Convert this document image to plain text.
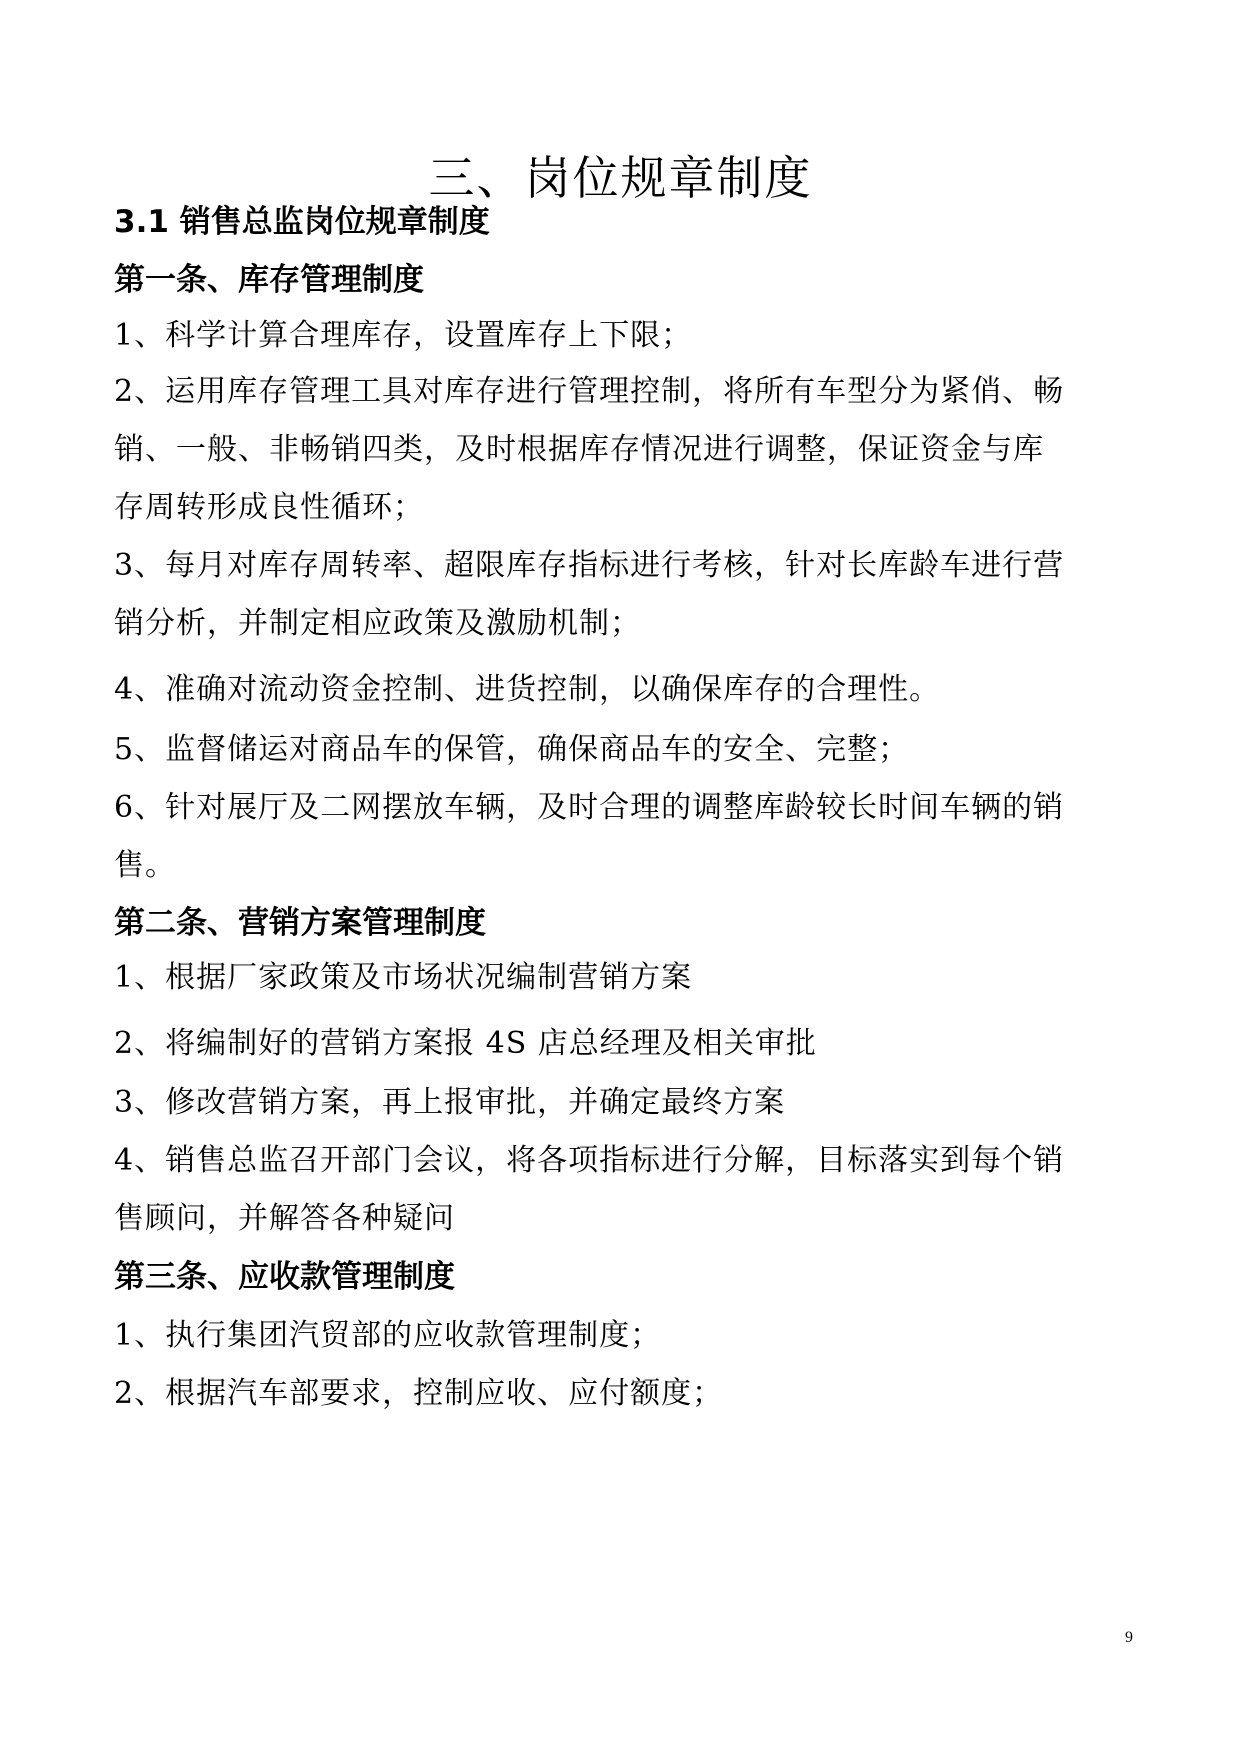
三、岗位规章制度
3.1 销售总监岗位规章制度
第一条、库存管理制度
1、科学计算合理库存，设置库存上下限；
2、运用库存管理工具对库存进行管理控制，将所有车型分为紧俏、畅
销、一般、非畅销四类，及时根据库存情况进行调整，保证资金与库
存周转形成良性循环；
3、每月对库存周转率、超限库存指标进行考核，针对长库龄车进行营
销分析，并制定相应政策及激励机制；
4、准确对流动资金控制、进货控制，以确保库存的合理性。
5、监督储运对商品车的保管，确保商品车的安全、完整；
6、针对展厅及二网摆放车辆，及时合理的调整库龄较长时间车辆的销
售。
第二条、营销方案管理制度
1、根据厂家政策及市场状况编制营销方案
2、将编制好的营销方案报 4S 店总经理及相关审批
3、修改营销方案，再上报审批，并确定最终方案
4、销售总监召开部门会议，将各项指标进行分解，目标落实到每个销
售顾问，并解答各种疑问
第三条、应收款管理制度
1、执行集团汽贸部的应收款管理制度；
2、根据汽车部要求，控制应收、应付额度；
9
